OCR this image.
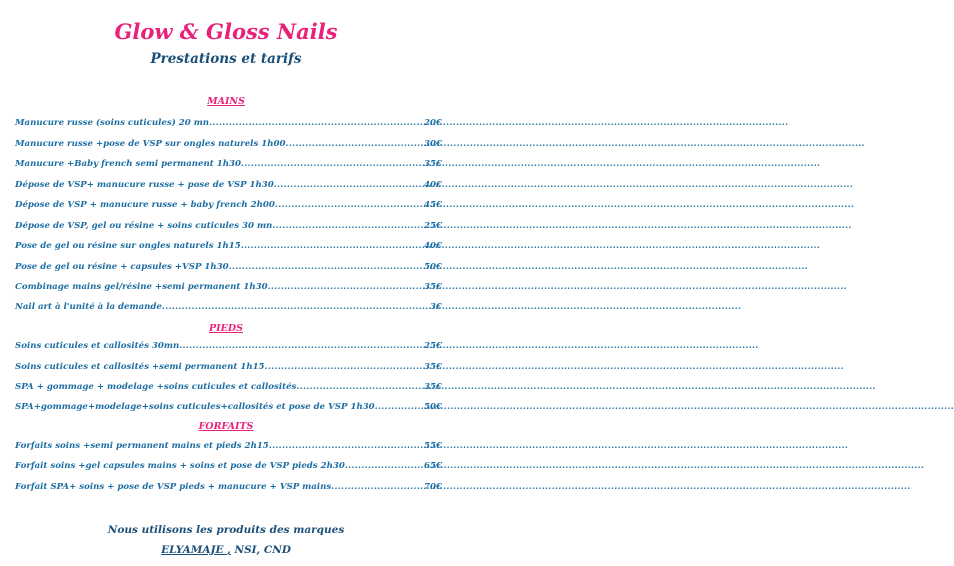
Glow & Gloss Nails
Prestations et tarifs
MAINS
Manucure russe (soins cuticules) 20 mn .....	20€
Manucure russe +pose de VSP sur ongles naturels 1h00 .....	30€
Manucure +Baby french semi permanent 1h30 .....	35€
Dépose de VSP+ manucure russe + pose de VSP 1h30 .....	40€
Dépose de VSP + manucure russe + baby french 2h00 .....	45€
Dépose de VSP, gel ou résine + soins cuticules 30 mn .....	25€
Pose de gel ou résine sur ongles naturels 1h15 .....	40€
Pose de gel ou résine + capsules +VSP 1h30 .....	50€
Combinage mains gel/résine +semi permanent 1h30 .....	35€
Nail art à l'unité à la demande .....	3€
PIEDS
Soins cuticules et callosités 30mn .....	25€
Soins cuticules et callosités +semi permanent 1h15 .....	35€
SPA + gommage + modelage +soins cuticules et callosités .....	35€
SPA+gommage+modelage+soins cuticules+callosités et pose de VSP 1h30 .....	50€
FORFAITS
Forfaits soins +semi permanent mains et pieds 2h15 .....	55€
Forfait soins +gel capsules mains + soins et pose de VSP pieds 2h30 .....	65€
Forfait SPA+ soins + pose de VSP pieds + manucure + VSP mains .....	70€
Nous utilisons les produits des marques
ELYAMAJE , NSI, CND
